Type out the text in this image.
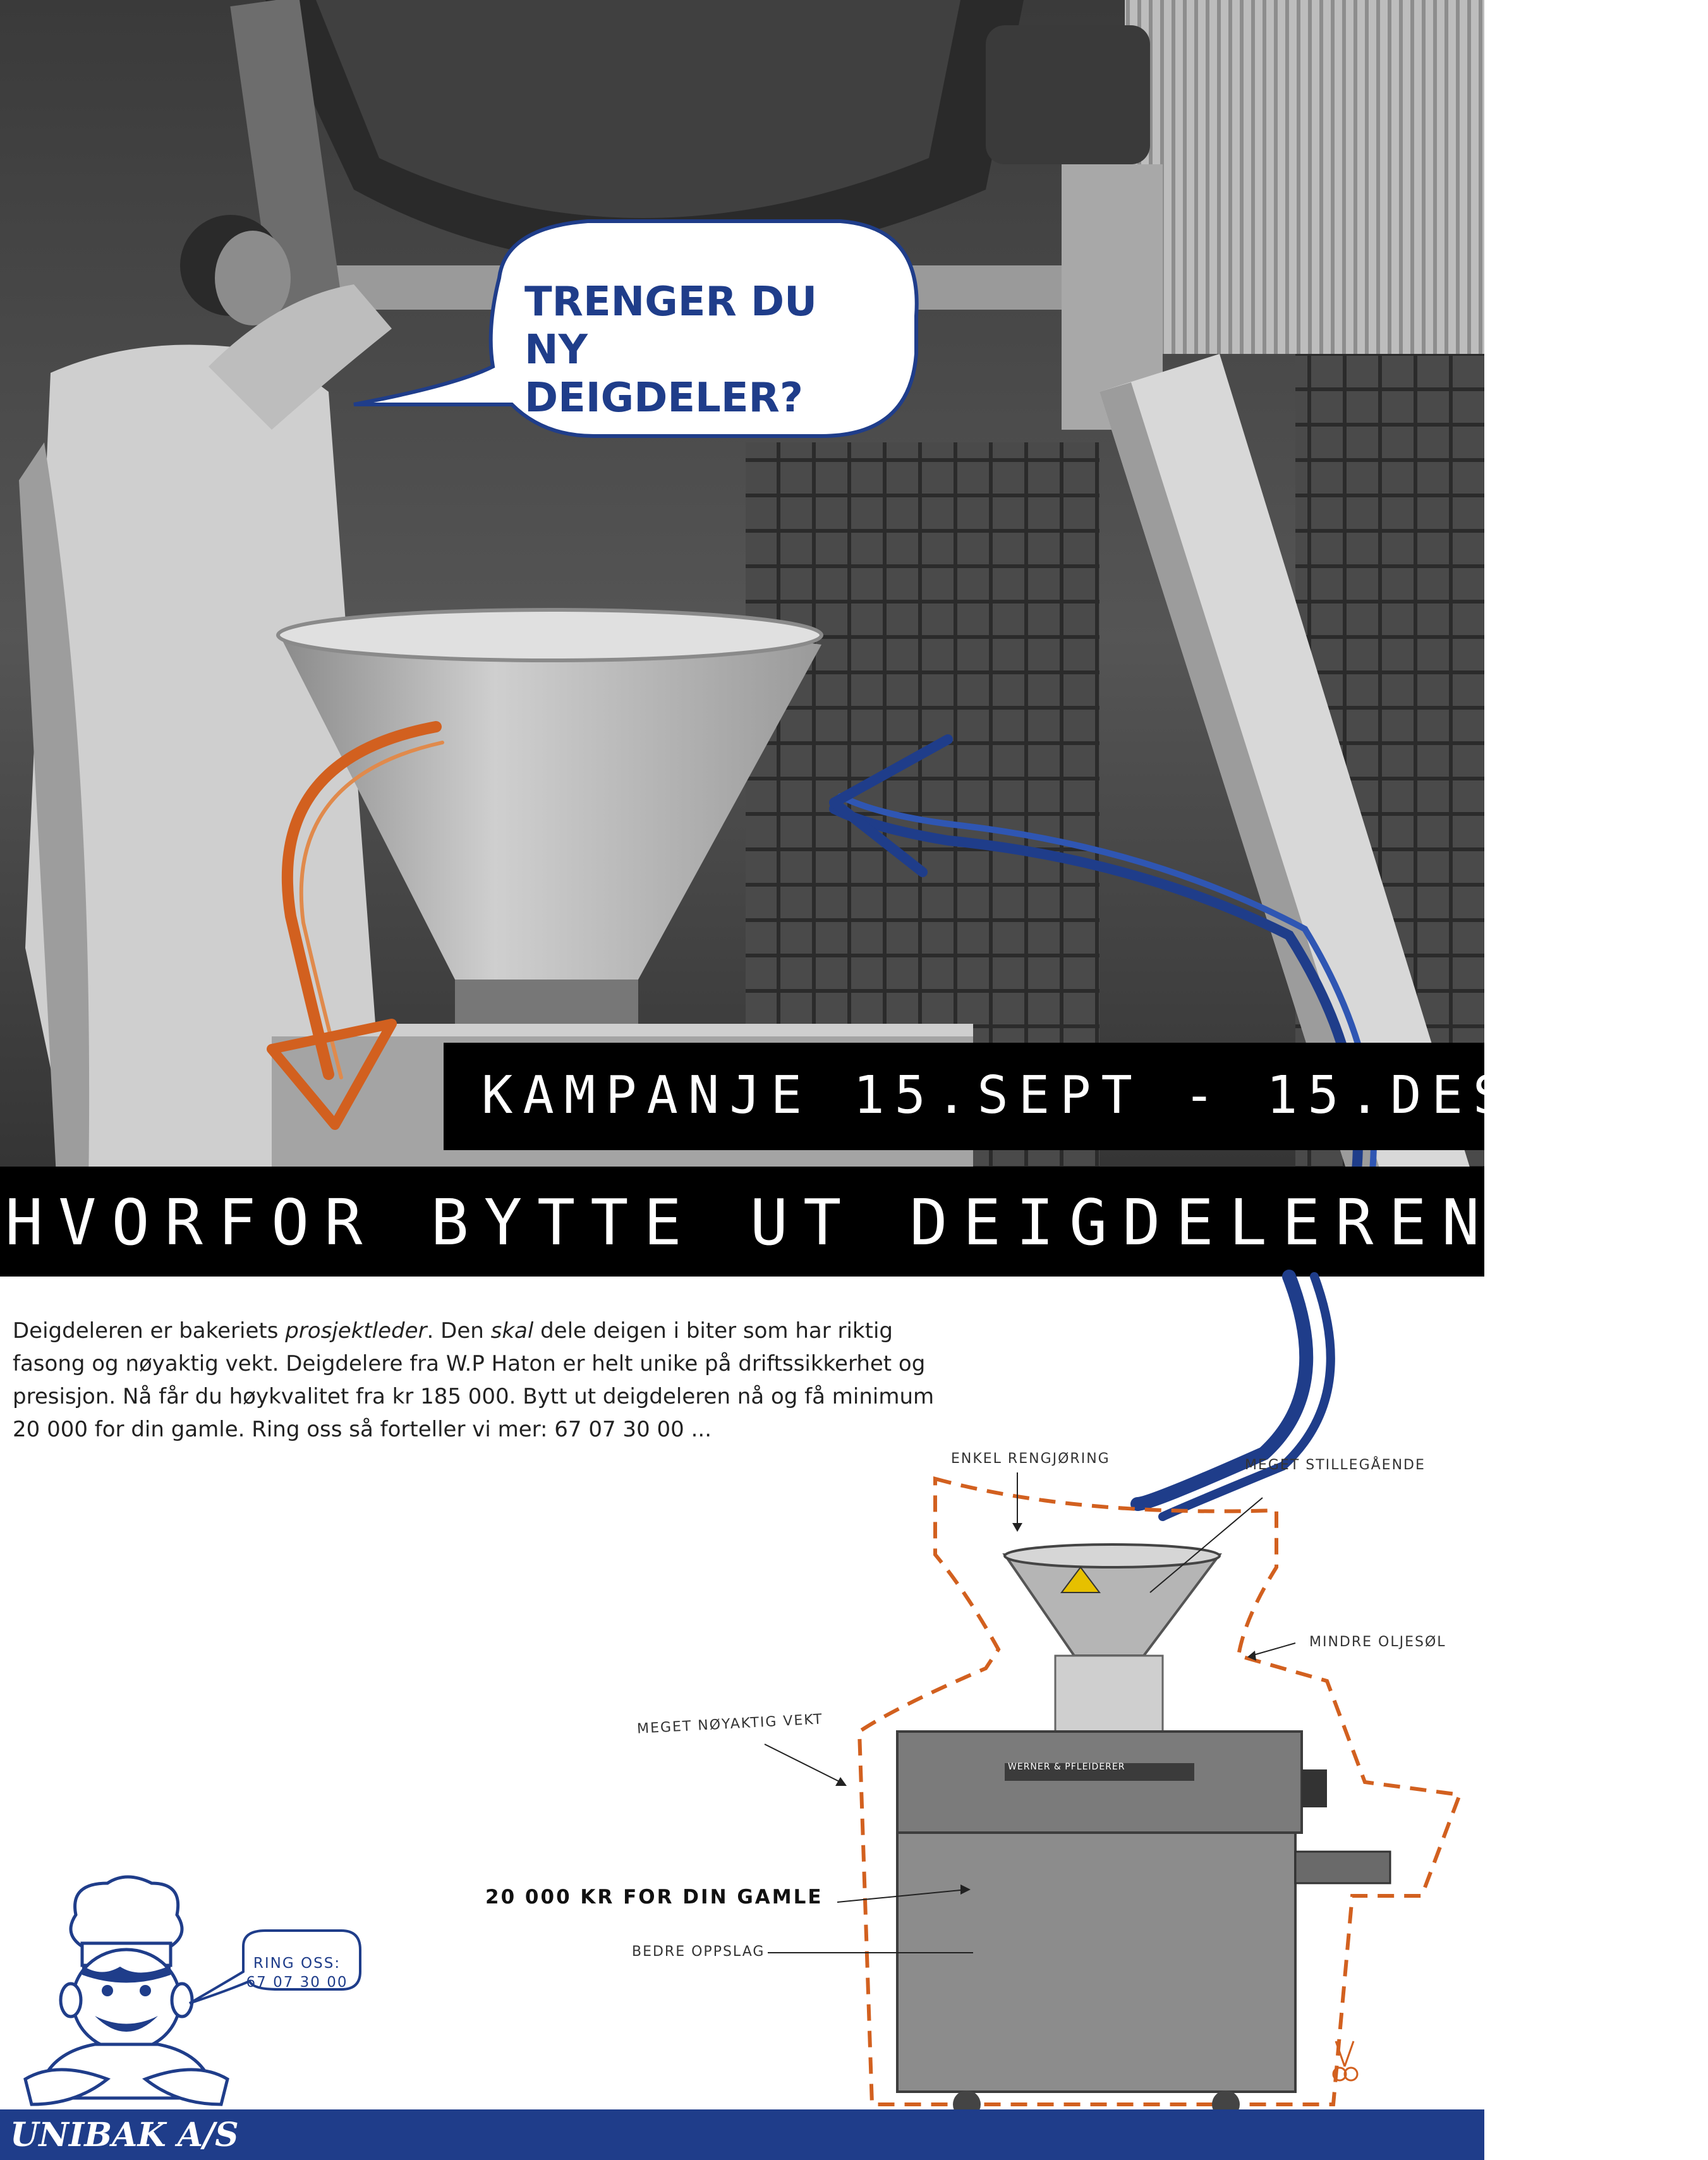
TRENGER DU
NY DEIGDELER?
KAMPANJE 15.SEPT - 15.DES
HVORFOR BYTTE UT DEIGDELEREN NÅ?
Deigdeleren er bakeriets prosjektleder. Den skal dele deigen i biter som har riktig fasong og nøyaktig vekt. Deigdelere fra W.P Haton er helt unike på driftssikkerhet og presisjon. Nå får du høykvalitet fra kr 185 000. Bytt ut deigdeleren nå og få minimum 20 000 for din gamle. Ring oss så forteller vi mer: 67 07 30 00 ...
WERNER & PFLEIDERER
ENKEL RENGJØRING	MEGET STILLEGÅENDE
MINDRE OLJESØL
MEGET NØYAKTIG VEKT
20 000 KR FOR DIN GAMLE
BEDRE OPPSLAG
RING OSS:
67 07 30 00
UNIBAK A/S
